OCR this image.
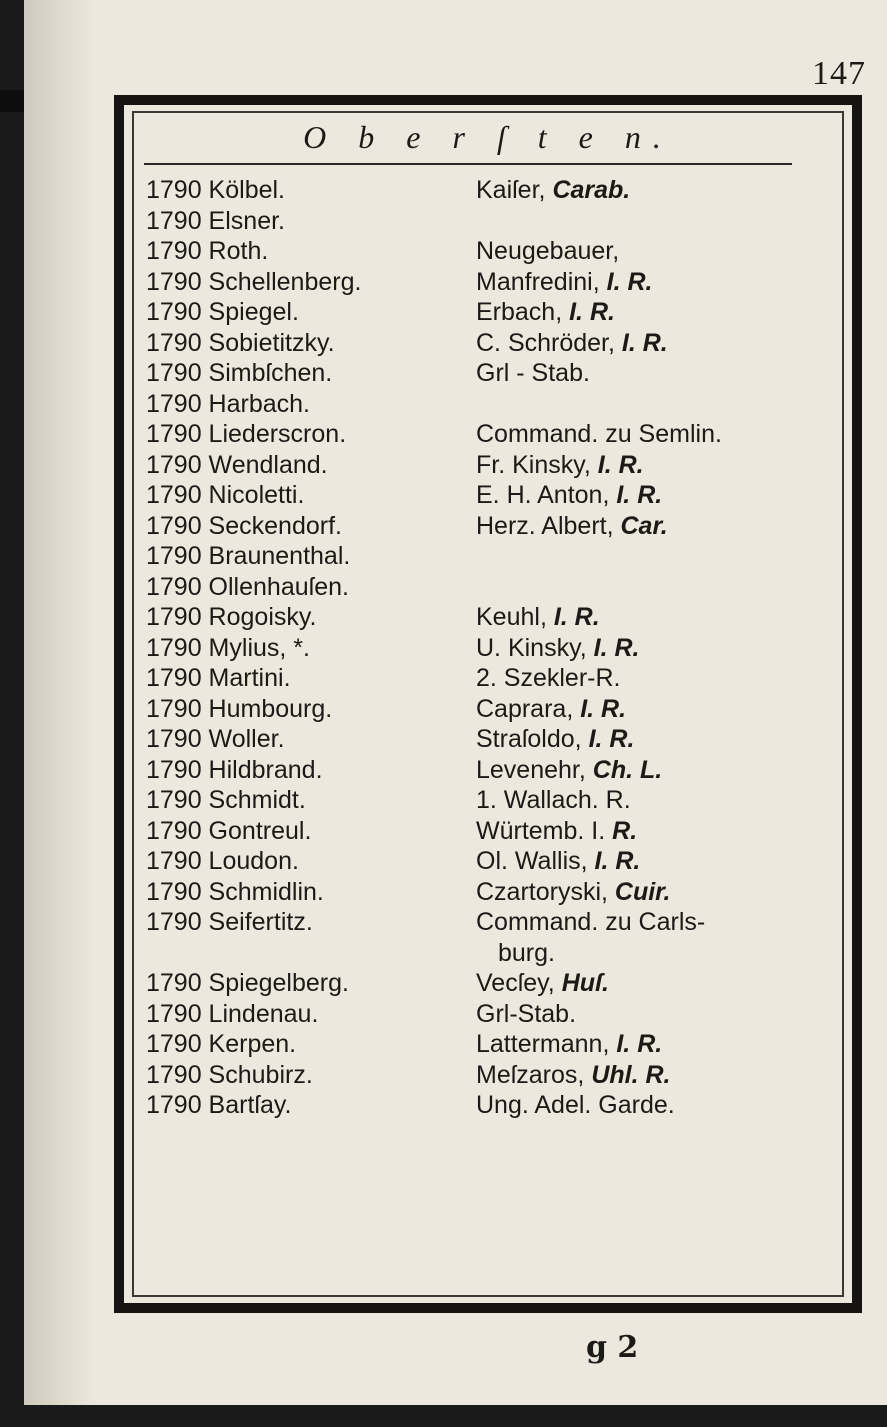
147
O b e r ſ t e n.
1790 Kölbel.	Kaiſer, Carab.
1790 Elsner.
1790 Roth.	Neugebauer,
1790 Schellenberg.	Manfredini, I. R.
1790 Spiegel.	Erbach, I. R.
1790 Sobietitzky.	C. Schröder, I. R.
1790 Simbſchen.	Grl - Stab.
1790 Harbach.
1790 Liederscron.	Command. zu Semlin.
1790 Wendland.	Fr. Kinsky, I. R.
1790 Nicoletti.	E. H. Anton, I. R.
1790 Seckendorf.	Herz. Albert, Car.
1790 Braunenthal.
1790 Ollenhauſen.
1790 Rogoisky.	Keuhl, I. R.
1790 Mylius, *.	U. Kinsky, I. R.
1790 Martini.	2. Szekler-R.
1790 Humbourg.	Caprara, I. R.
1790 Woller.	Straſoldo, I. R.
1790 Hildbrand.	Levenehr, Ch. L.
1790 Schmidt.	1. Wallach. R.
1790 Gontreul.	Würtemb. I. R.
1790 Loudon.	Ol. Wallis, I. R.
1790 Schmidlin.	Czartoryski, Cuir.
1790 Seifertitz.	Command. zu Carls-
burg.
1790 Spiegelberg.	Vecſey, Huſ.
1790 Lindenau.	Grl-Stab.
1790 Kerpen.	Lattermann, I. R.
1790 Schubirz.	Meſzaros, Uhl. R.
1790 Bartſay.	Ung. Adel. Garde.
g 2
